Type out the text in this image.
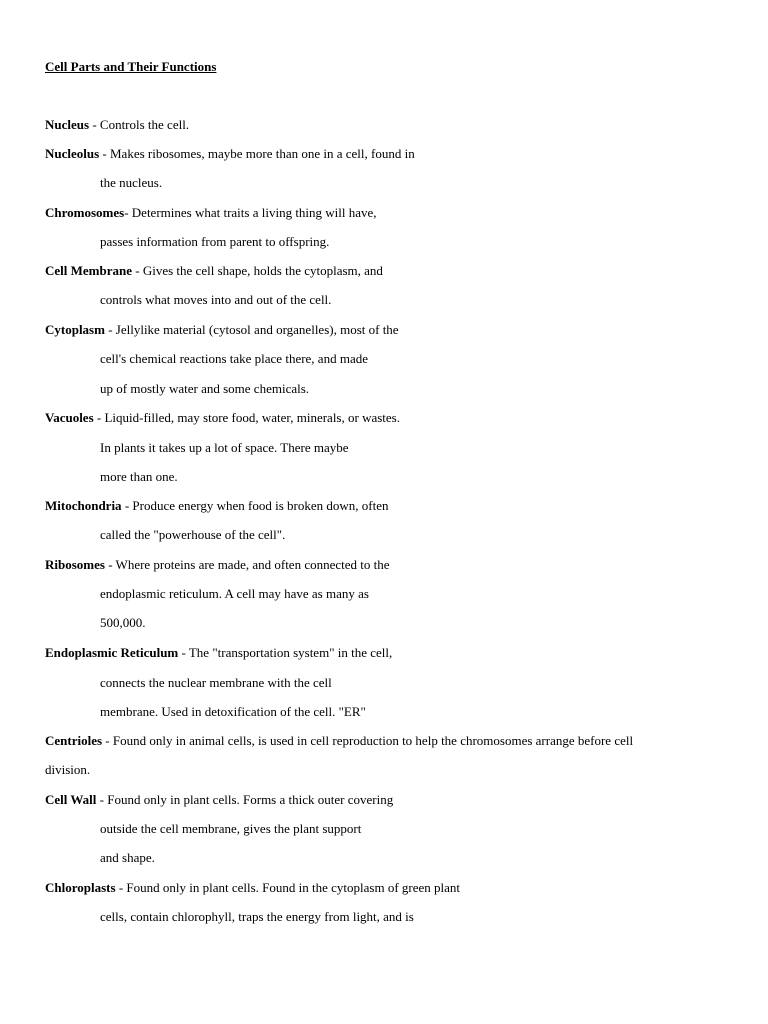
Cell Parts and Their Functions
Nucleus - Controls the cell.
Nucleolus - Makes ribosomes, maybe more than one in a cell, found in
the nucleus.
Chromosomes- Determines what traits a living thing will have,
passes information from parent to offspring.
Cell Membrane - Gives the cell shape, holds the cytoplasm, and
controls what moves into and out of the cell.
Cytoplasm - Jellylike material (cytosol and organelles), most of the
cell's chemical reactions take place there, and made
up of mostly water and some chemicals.
Vacuoles - Liquid-filled, may store food, water, minerals, or wastes.
In plants it takes up a lot of space. There maybe
more than one.
Mitochondria - Produce energy when food is broken down, often
called the "powerhouse of the cell".
Ribosomes - Where proteins are made, and often connected to the
endoplasmic reticulum. A cell may have as many as
500,000.
Endoplasmic Reticulum - The "transportation system" in the cell,
connects the nuclear membrane with the cell
membrane. Used in detoxification of the cell. "ER"
Centrioles - Found only in animal cells, is used in cell reproduction to help the chromosomes arrange before cell
division.
Cell Wall - Found only in plant cells. Forms a thick outer covering
outside the cell membrane, gives the plant support
and shape.
Chloroplasts - Found only in plant cells. Found in the cytoplasm of green plant
cells, contain chlorophyll, traps the energy from light, and is
